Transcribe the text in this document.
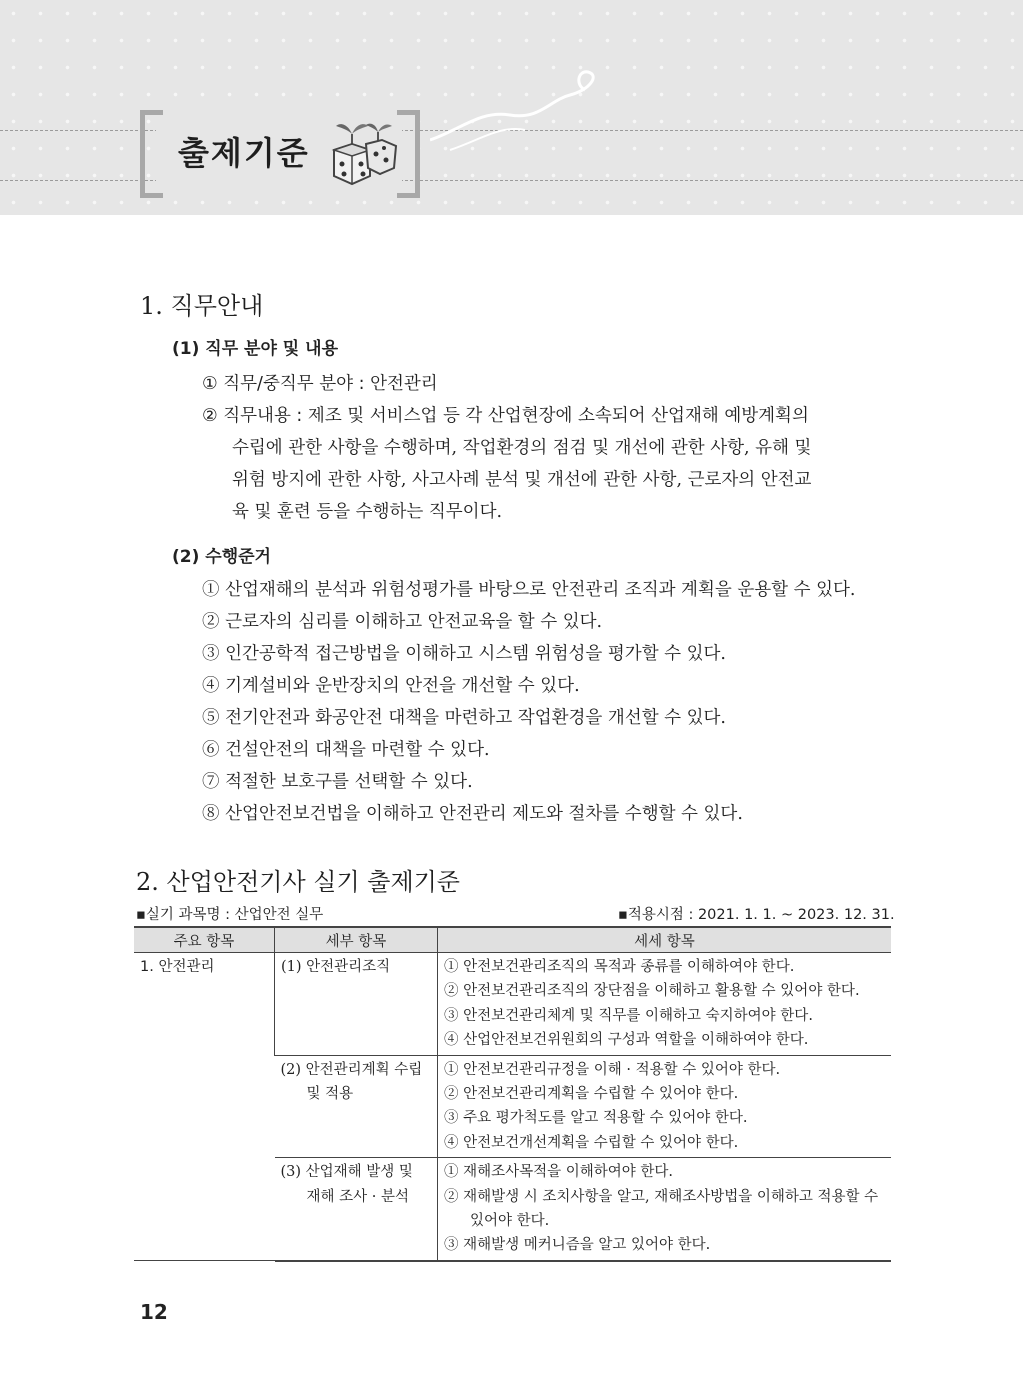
출제기준
1. 직무안내
(1) 직무 분야 및 내용
① 직무/중직무 분야 : 안전관리
② 직무내용 : 제조 및 서비스업 등 각 산업현장에 소속되어 산업재해 예방계획의
수립에 관한 사항을 수행하며, 작업환경의 점검 및 개선에 관한 사항, 유해 및
위험 방지에 관한 사항, 사고사례 분석 및 개선에 관한 사항, 근로자의 안전교
육 및 훈련 등을 수행하는 직무이다.
(2) 수행준거
① 산업재해의 분석과 위험성평가를 바탕으로 안전관리 조직과 계획을 운용할 수 있다.
② 근로자의 심리를 이해하고 안전교육을 할 수 있다.
③ 인간공학적 접근방법을 이해하고 시스템 위험성을 평가할 수 있다.
④ 기계설비와 운반장치의 안전을 개선할 수 있다.
⑤ 전기안전과 화공안전 대책을 마련하고 작업환경을 개선할 수 있다.
⑥ 건설안전의 대책을 마련할 수 있다.
⑦ 적절한 보호구를 선택할 수 있다.
⑧ 산업안전보건법을 이해하고 안전관리 제도와 절차를 수행할 수 있다.
2. 산업안전기사 실기 출제기준
▪실기 과목명 : 산업안전 실무	▪적용시점 : 2021. 1. 1. ~ 2023. 12. 31.
주요 항목	세부 항목	세세 항목
1. 안전관리	(1) 안전관리조직	① 안전보건관리조직의 목적과 종류를 이해하여야 한다.
② 안전보건관리조직의 장단점을 이해하고 활용할 수 있어야 한다.
③ 안전보건관리체계 및 직무를 이해하고 숙지하여야 한다.
④ 산업안전보건위원회의 구성과 역할을 이해하여야 한다.

	(2) 안전관리계획 수립 및 적용	① 안전보건관리규정을 이해 · 적용할 수 있어야 한다.
② 안전보건관리계획을 수립할 수 있어야 한다.
③ 주요 평가척도를 알고 적용할 수 있어야 한다.
④ 안전보건개선계획을 수립할 수 있어야 한다.

	(3) 산업재해 발생 및 재해 조사 · 분석	① 재해조사목적을 이해하여야 한다.
② 재해발생 시 조치사항을 알고, 재해조사방법을 이해하고 적용할 수 있어야 한다.
③ 재해발생 메커니즘을 알고 있어야 한다.
12
